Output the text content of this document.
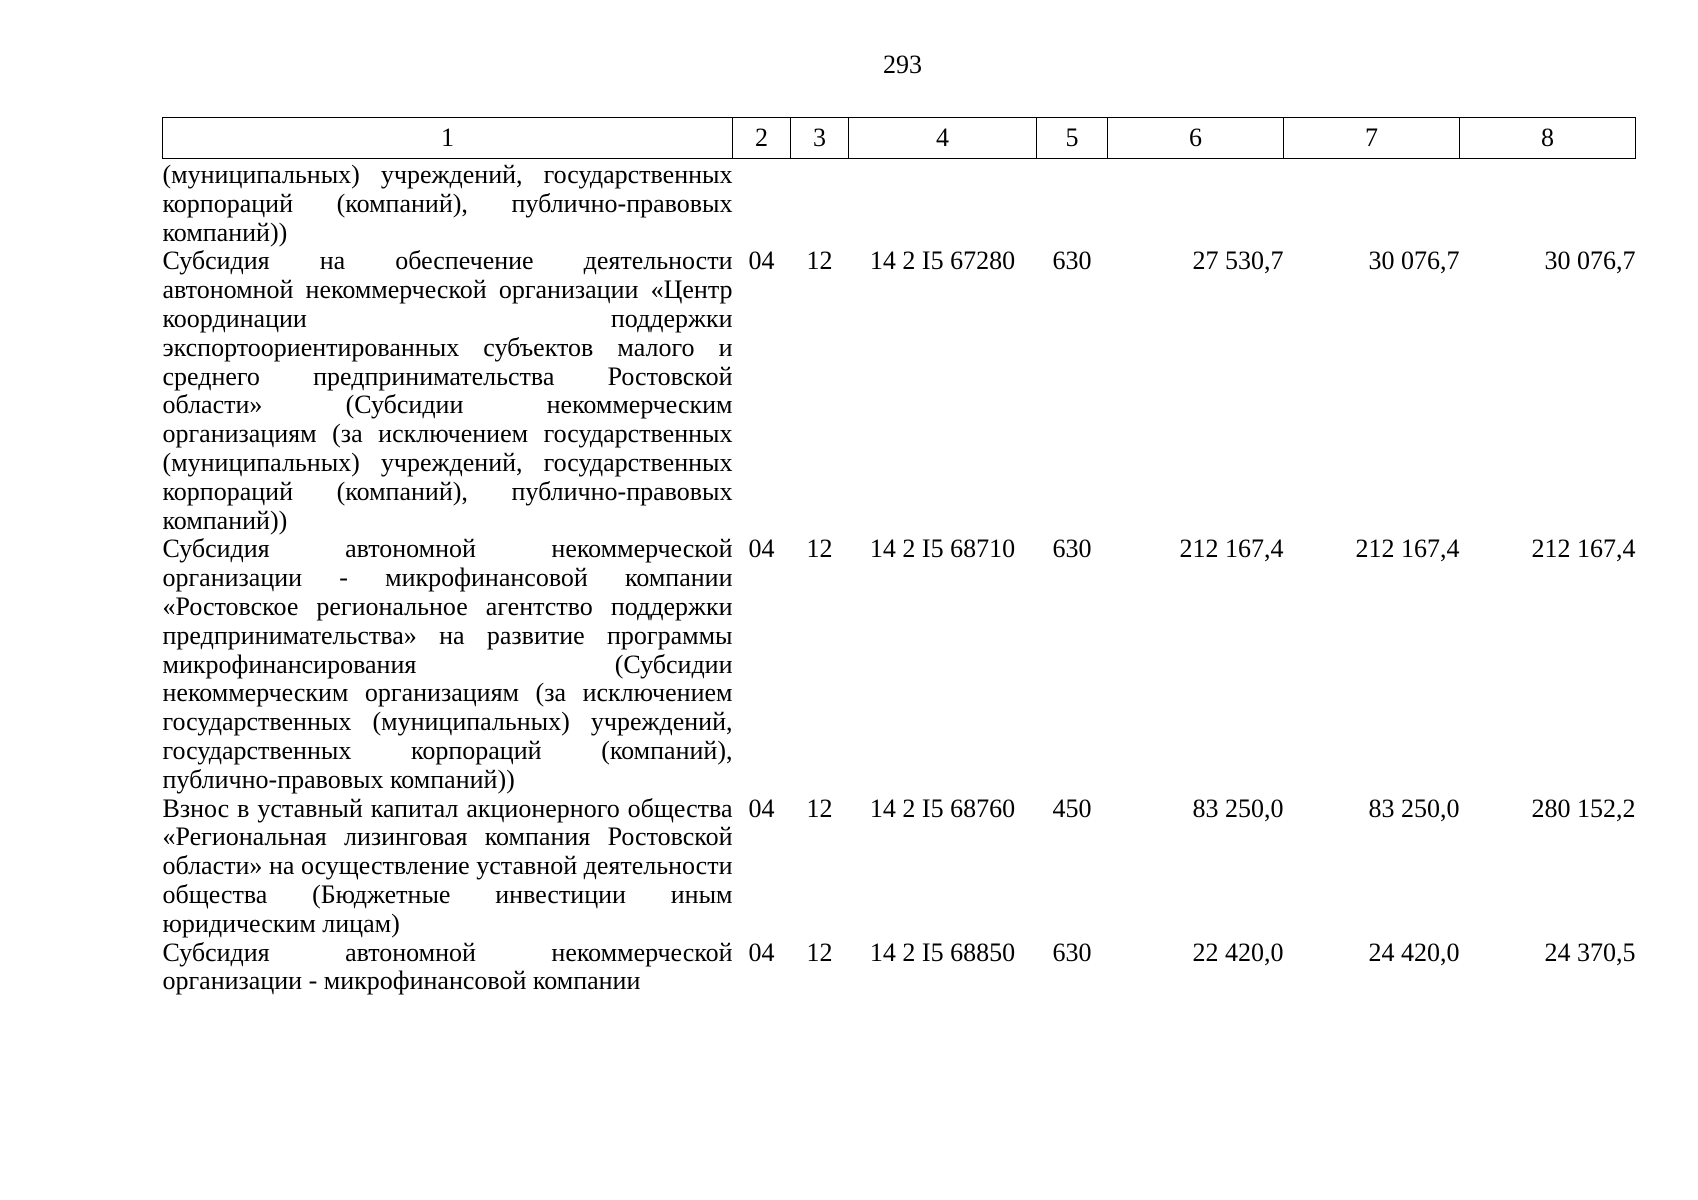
293
1	2	3	4	5	6	7	8
(муниципальных) учреждений, государственных корпораций (компаний), публично-правовых компаний))							
Субсидия на обеспечение деятельности автономной некоммерческой организации «Центр координации поддержки экспортоориентированных субъектов малого и среднего предпринимательства Ростовской области» (Субсидии некоммерческим организациям (за исключением государственных (муниципальных) учреждений, государственных корпораций (компаний), публично-правовых компаний))	04	12	14 2 I5 67280	630	27 530,7	30 076,7	30 076,7
Субсидия автономной некоммерческой организации - микрофинансовой компании «Ростовское региональное агентство поддержки предпринимательства» на развитие программы микрофинансирования (Субсидии некоммерческим организациям (за исключением государственных (муниципальных) учреждений, государственных корпораций (компаний), публично-правовых компаний))	04	12	14 2 I5 68710	630	212 167,4	212 167,4	212 167,4
Взнос в уставный капитал акционерного общества «Региональная лизинговая компания Ростовской области» на осуществление уставной деятельности общества (Бюджетные инвестиции иным юридическим лицам)	04	12	14 2 I5 68760	450	83 250,0	83 250,0	280 152,2
Субсидия автономной некоммерческой организации - микрофинансовой компании	04	12	14 2 I5 68850	630	22 420,0	24 420,0	24 370,5
